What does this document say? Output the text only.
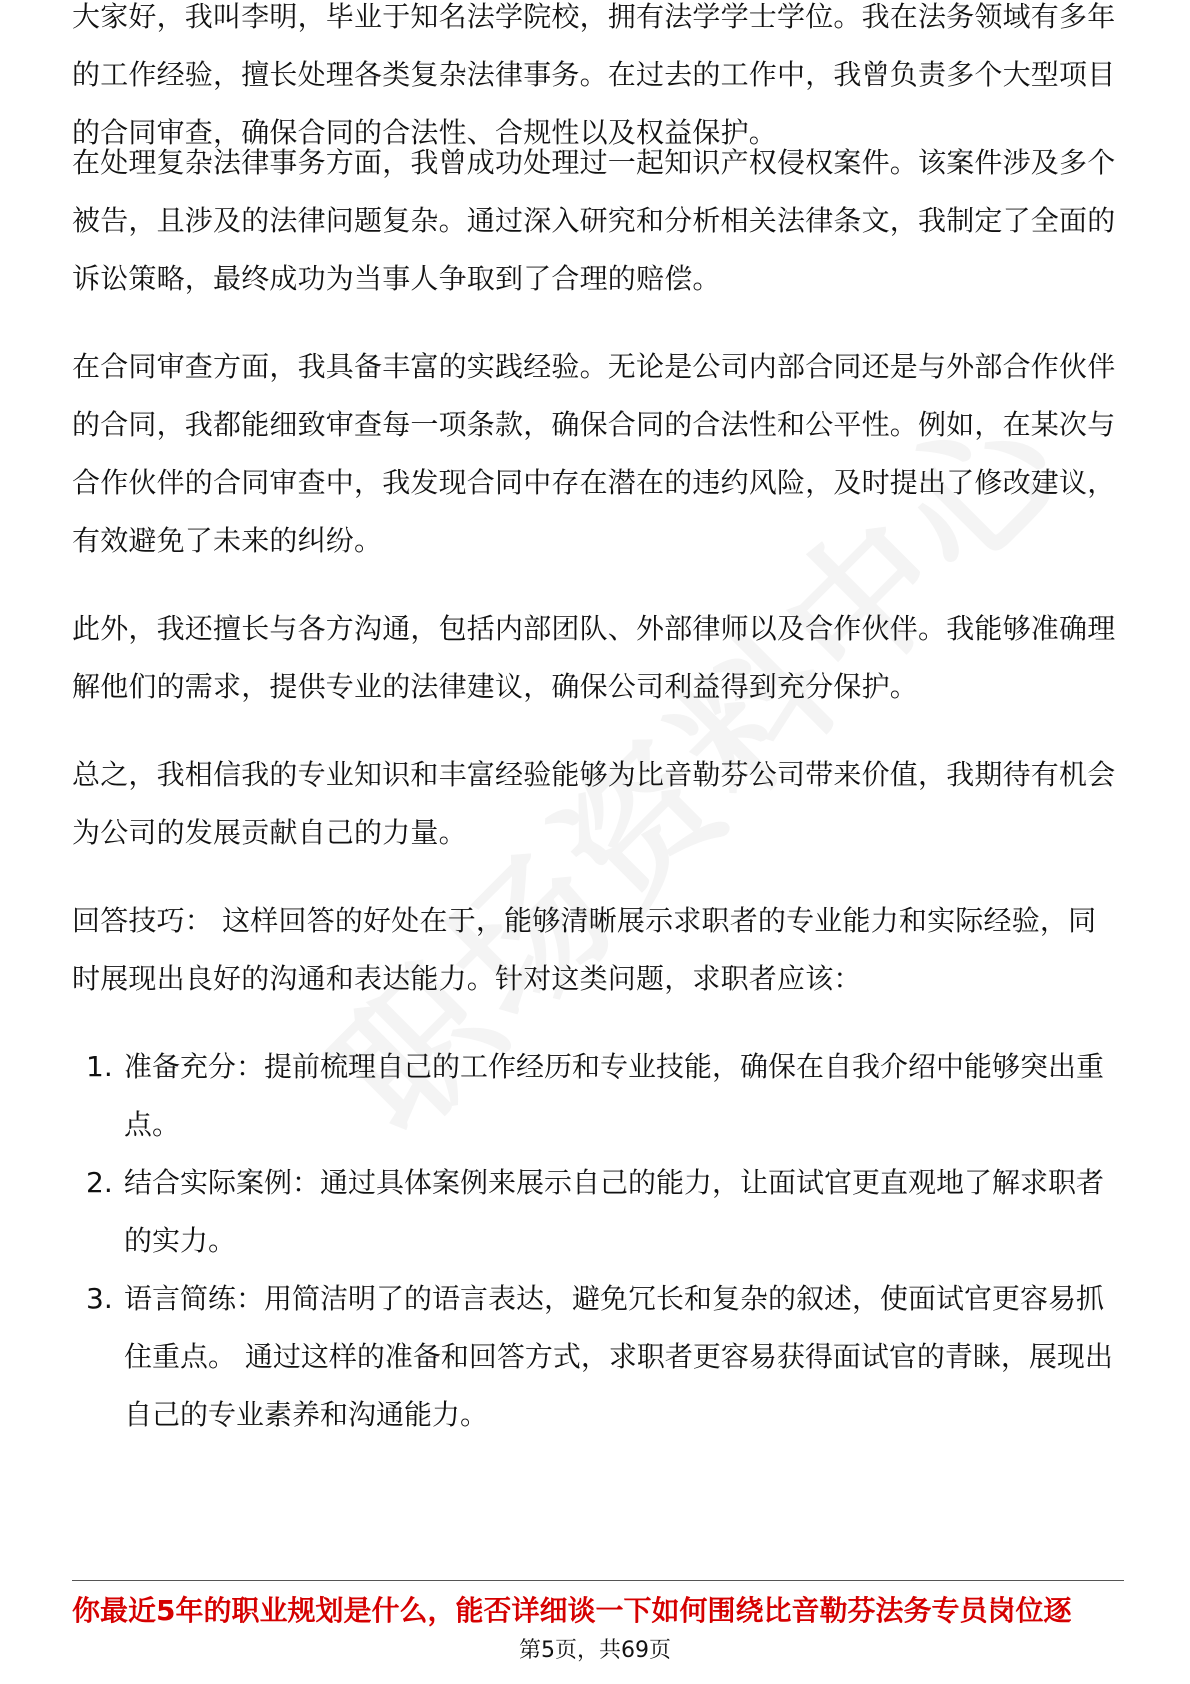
大家好，我叫李明，毕业于知名法学院校，拥有法学学士学位。我在法务领域有多年的工作经验，擅长处理各类复杂法律事务。在过去的工作中，我曾负责多个大型项目的合同审查，确保合同的合法性、合规性以及权益保护。

在处理复杂法律事务方面，我曾成功处理过一起知识产权侵权案件。该案件涉及多个被告，且涉及的法律问题复杂。通过深入研究和分析相关法律条文，我制定了全面的诉讼策略，最终成功为当事人争取到了合理的赔偿。

在合同审查方面，我具备丰富的实践经验。无论是公司内部合同还是与外部合作伙伴的合同，我都能细致审查每一项条款，确保合同的合法性和公平性。例如，在某次与合作伙伴的合同审查中，我发现合同中存在潜在的违约风险，及时提出了修改建议，有效避免了未来的纠纷。

此外，我还擅长与各方沟通，包括内部团队、外部律师以及合作伙伴。我能够准确理解他们的需求，提供专业的法律建议，确保公司利益得到充分保护。

总之，我相信我的专业知识和丰富经验能够为比音勒芬公司带来价值，我期待有机会为公司的发展贡献自己的力量。

回答技巧： 这样回答的好处在于，能够清晰展示求职者的专业能力和实际经验，同时展现出良好的沟通和表达能力。针对这类问题，求职者应该：

1. 准备充分：提前梳理自己的工作经历和专业技能，确保在自我介绍中能够突出重点。
2. 结合实际案例：通过具体案例来展示自己的能力，让面试官更直观地了解求职者的实力。
3. 语言简练：用简洁明了的语言表达，避免冗长和复杂的叙述，使面试官更容易抓住重点。 通过这样的准备和回答方式，求职者更容易获得面试官的青睐，展现出自己的专业素养和沟通能力。
你最近5年的职业规划是什么，能否详细谈一下如何围绕比音勒芬法务专员岗位逐
第5页，共69页
